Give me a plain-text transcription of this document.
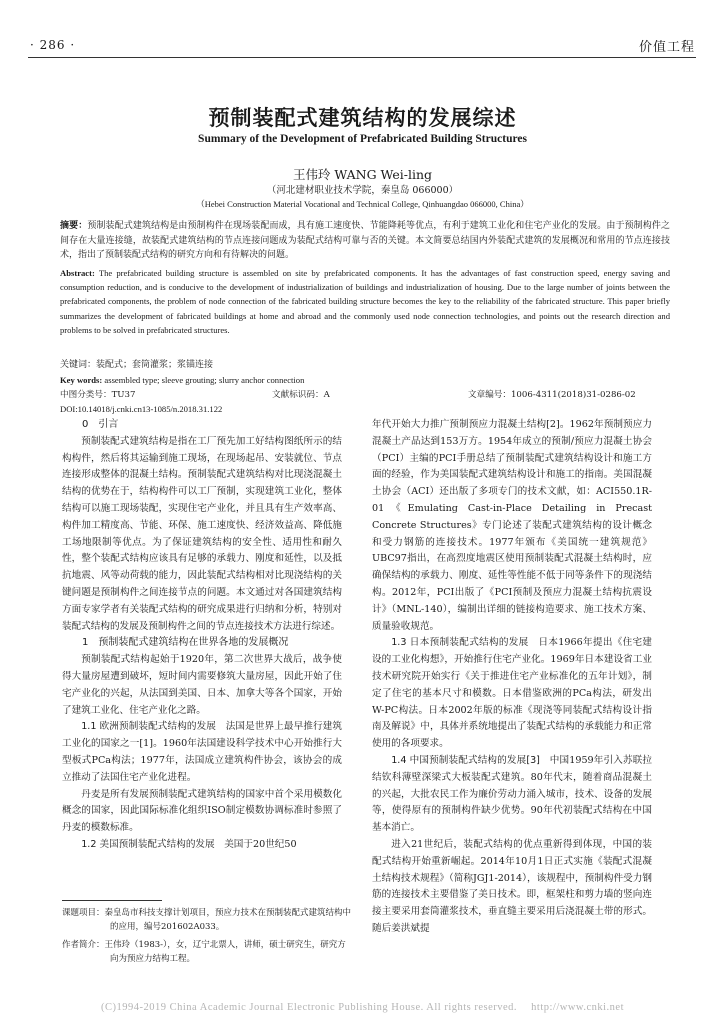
· 286 ·	价值工程
预制装配式建筑结构的发展综述
Summary of the Development of Prefabricated Building Structures
王伟玲 WANG Wei-ling
（河北建材职业技术学院，秦皇岛 066000）
（Hebei Construction Material Vocational and Technical College, Qinhuangdao 066000, China）
摘要：预制装配式建筑结构是由预制构件在现场装配而成，具有施工速度快、节能降耗等优点，有利于建筑工业化和住宅产业化的发展。由于预制构件之间存在大量连接缝，故装配式建筑结构的节点连接问题成为装配式结构可靠与否的关键。本文简要总结国内外装配式建筑的发展概况和常用的节点连接技术，指出了预制装配式结构的研究方向和有待解决的问题。
Abstract: The prefabricated building structure is assembled on site by prefabricated components. It has the advantages of fast construction speed, energy saving and consumption reduction, and is conducive to the development of industrialization of buildings and industrialization of housing. Due to the large number of joints between the prefabricated components, the problem of node connection of the fabricated building structure becomes the key to the reliability of the fabricated structure. This paper briefly summarizes the development of fabricated buildings at home and abroad and the commonly used node connection technologies, and points out the research direction and problems to be solved in prefabricated structures.
关键词：装配式；套筒灌浆；浆锚连接
Key words: assembled type; sleeve grouting; slurry anchor connection
中图分类号：TU37	文献标识码：A	文章编号：1006-4311(2018)31-0286-02
DOI:10.14018/j.cnki.cn13-1085/n.2018.31.122
0　引言

预制装配式建筑结构是指在工厂预先加工好结构图纸所示的结构构件，然后将其运输到施工现场，在现场起吊、安装就位、节点连接形成整体的混凝土结构。预制装配式建筑结构对比现浇混凝土结构的优势在于，结构构件可以工厂预制，实现建筑工业化，整体结构可以施工现场装配，实现住宅产业化，并且具有生产效率高、构件加工精度高、节能、环保、施工速度快、经济效益高、降低施工场地限制等优点。为了保证建筑结构的安全性、适用性和耐久性，整个装配式结构应该具有足够的承载力、刚度和延性，以及抵抗地震、风等动荷载的能力，因此装配式结构相对比现浇结构的关键问题是预制构件之间连接节点的问题。本文通过对各国建筑结构方面专家学者有关装配式结构的研究成果进行归纳和分析，特别对装配式结构的发展及预制构件之间的节点连接技术方法进行综述。

1　预制装配式建筑结构在世界各地的发展概况

预制装配式结构起始于1920年，第二次世界大战后，战争使得大量房屋遭到破坏，短时间内需要修筑大量房屋，因此开始了住宅产业化的兴起，从法国到美国、日本、加拿大等各个国家，开始了建筑工业化、住宅产业化之路。

1.1 欧洲预制装配式结构的发展　 法国是世界上最早推行建筑工业化的国家之一[1]。1960年法国建设科学技术中心开始推行大型板式PCa构法；1977年，法国成立建筑构件协会，该协会的成立推动了法国住宅产业化进程。

丹麦是所有发展预制装配式建筑结构的国家中首个采用模数化概念的国家，因此国际标准化组织ISO制定模数协调标准时参照了丹麦的模数标准。

1.2 美国预制装配式结构的发展　 美国于20世纪50

课题项目：秦皇岛市科技支撑计划项目，预应力技术在预制装配式建筑结构中的应用，编号201602A033。
作者简介：王伟玲（1983-），女，辽宁北票人，讲师，硕士研究生，研究方向为预应力结构工程。

年代开始大力推广预制预应力混凝土结构[2]。1962年预制预应力混凝土产品达到153万方。1954年成立的预制/预应力混凝土协会（PCI）主编的PCI手册总结了预制装配式建筑结构设计和施工方面的经验，作为美国装配式建筑结构设计和施工的指南。美国混凝土协会（ACI）还出版了多项专门的技术文献，如：ACI550.1R-01《Emulating Cast-in-Place Detailing in Precast Concrete Structures》专门论述了装配式建筑结构的设计概念和受力钢筋的连接技术。1977年颁布《美国统一建筑规范》UBC97指出，在高烈度地震区使用预制装配式混凝土结构时，应确保结构的承载力、刚度、延性等性能不低于同等条件下的现浇结构。2012年，PCI出版了《PCI预制及预应力混凝土结构抗震设计》（MNL-140），编制出详细的链接构造要求、施工技术方案、质量验收规范。

1.3 日本预制装配式结构的发展　 日本1966年提出《住宅建设的工业化构想》，开始推行住宅产业化。1969年日本建设省工业技术研究院开始实行《关于推进住宅产业标准化的五年计划》，制定了住宅的基本尺寸和模数。日本借鉴欧洲的PCa构法，研发出W-PC构法。日本2002年版的标准《现浇等同装配式结构设计指南及解说》中，具体并系统地提出了装配式结构的承载能力和正常使用的各项要求。

1.4 中国预制装配式结构的发展[3]　 中国1959年引入苏联拉结钦科薄壁深梁式大板装配式建筑。80年代末，随着商品混凝土的兴起，大批农民工作为廉价劳动力涌入城市，技术、设备的发展等，使得原有的预制构件缺少优势。90年代初装配式结构在中国基本消亡。

进入21世纪后，装配式结构的优点重新得到体现，中国的装配式结构开始重新崛起。2014年10月1日正式实施《装配式混凝土结构技术规程》（简称JGJ1-2014），该规程中，预制构件受力钢筋的连接技术主要借鉴了美日技术。即，框架柱和剪力墙的竖向连接主要采用套筒灌浆技术，垂直缝主要采用后浇混凝土带的形式。随后姜洪斌提

(C)1994-2019 China Academic Journal Electronic Publishing House. All rights reserved.　 http://www.cnki.net
